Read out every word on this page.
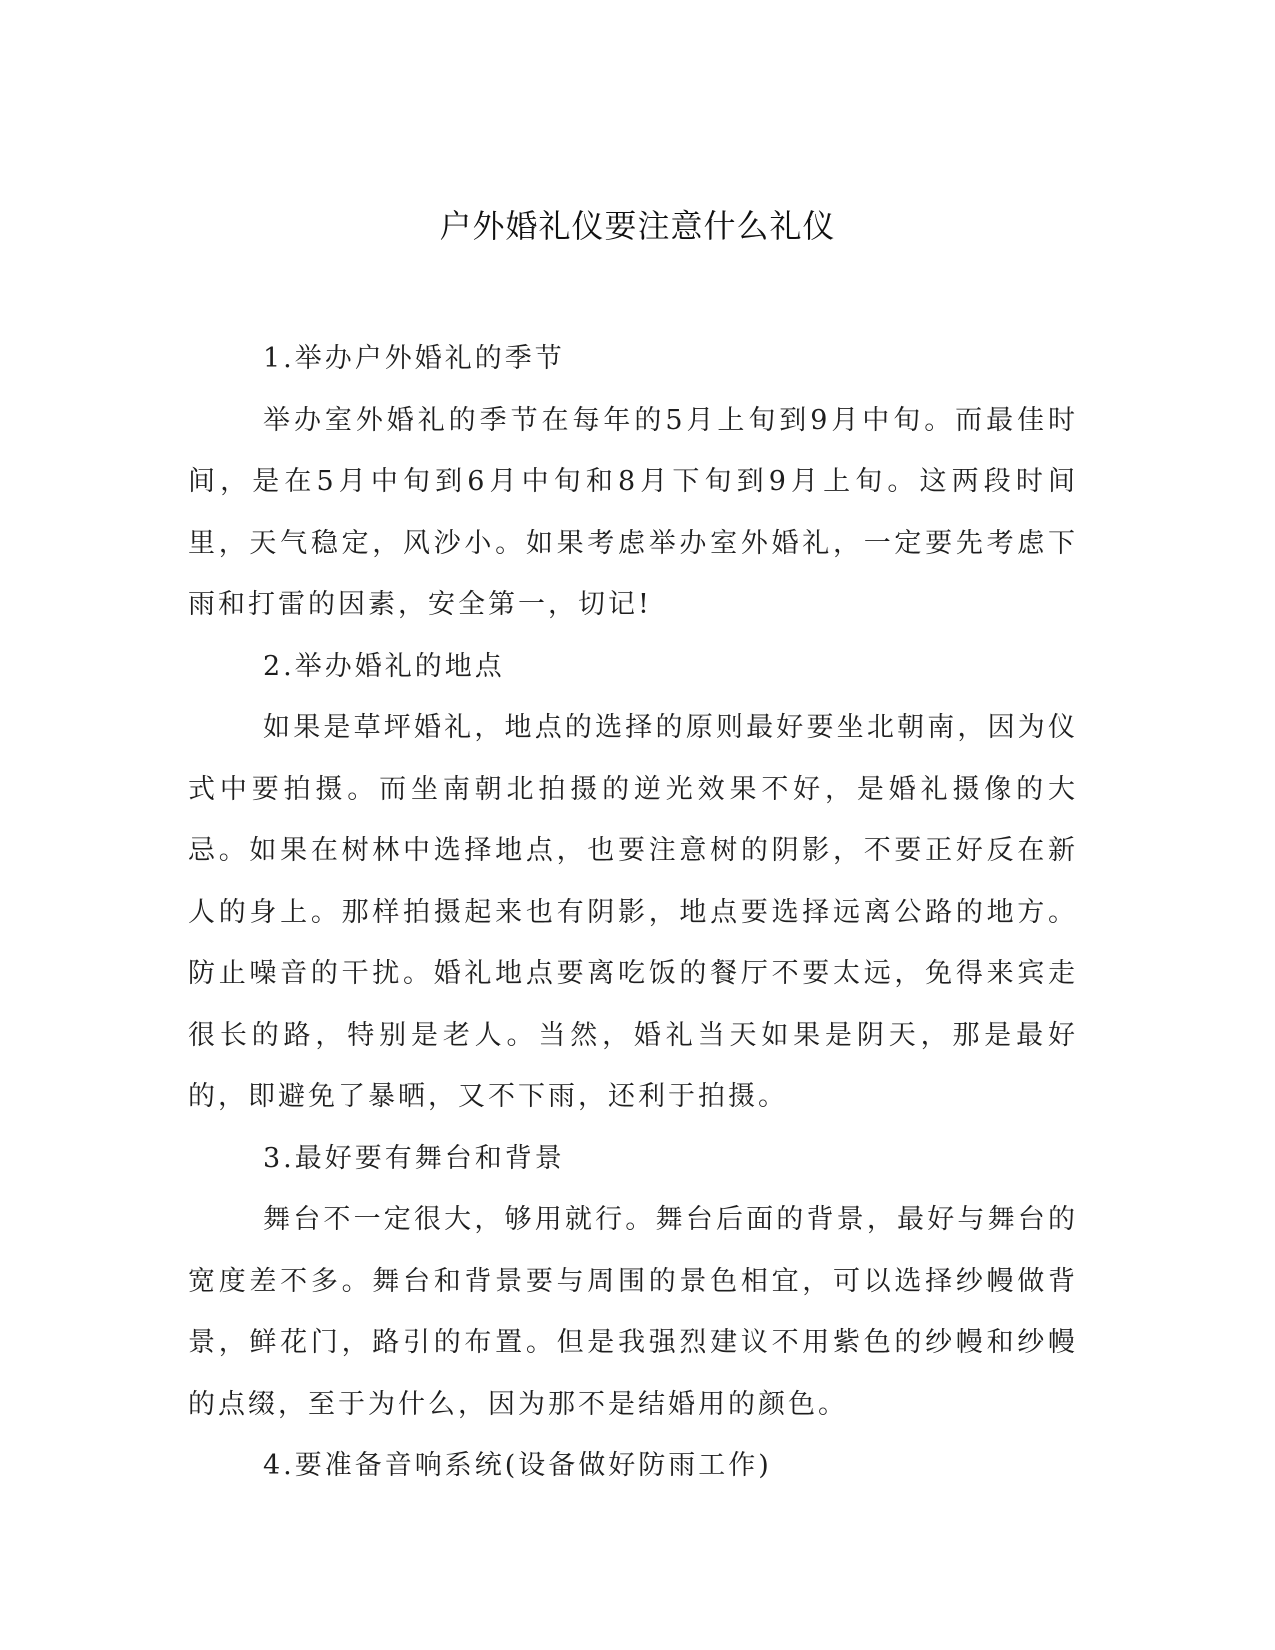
户外婚礼仪要注意什么礼仪

1.举办户外婚礼的季节

举办室外婚礼的季节在每年的5月上旬到9月中旬。而最佳时间，是在5月中旬到6月中旬和8月下旬到9月上旬。这两段时间里，天气稳定，风沙小。如果考虑举办室外婚礼，一定要先考虑下雨和打雷的因素，安全第一，切记!

2.举办婚礼的地点

如果是草坪婚礼，地点的选择的原则最好要坐北朝南，因为仪式中要拍摄。而坐南朝北拍摄的逆光效果不好，是婚礼摄像的大忌。如果在树林中选择地点，也要注意树的阴影，不要正好反在新人的身上。那样拍摄起来也有阴影，地点要选择远离公路的地方。防止噪音的干扰。婚礼地点要离吃饭的餐厅不要太远，免得来宾走很长的路，特别是老人。当然，婚礼当天如果是阴天，那是最好的，即避免了暴晒，又不下雨，还利于拍摄。

3.最好要有舞台和背景

舞台不一定很大，够用就行。舞台后面的背景，最好与舞台的宽度差不多。舞台和背景要与周围的景色相宜，可以选择纱幔做背景，鲜花门，路引的布置。但是我强烈建议不用紫色的纱幔和纱幔的点缀，至于为什么，因为那不是结婚用的颜色。

4.要准备音响系统(设备做好防雨工作)
